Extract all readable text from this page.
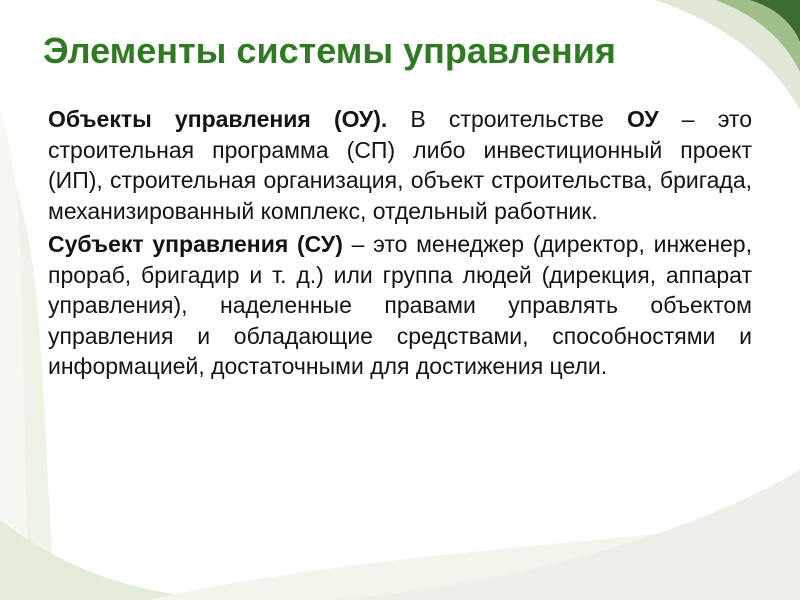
Элементы системы управления

Объекты управления (ОУ). В строительстве ОУ – это строительная программа (СП) либо инвестиционный проект (ИП), строительная организация, объект строительства, бригада, механизированный комплекс, отдельный работник.

Субъект управления (СУ) – это менеджер (директор, инженер, прораб, бригадир и т. д.) или группа людей (дирекция, аппарат управления), наделенные правами управлять объектом управления и обладающие средствами, способностями и информацией, достаточными для достижения цели.
